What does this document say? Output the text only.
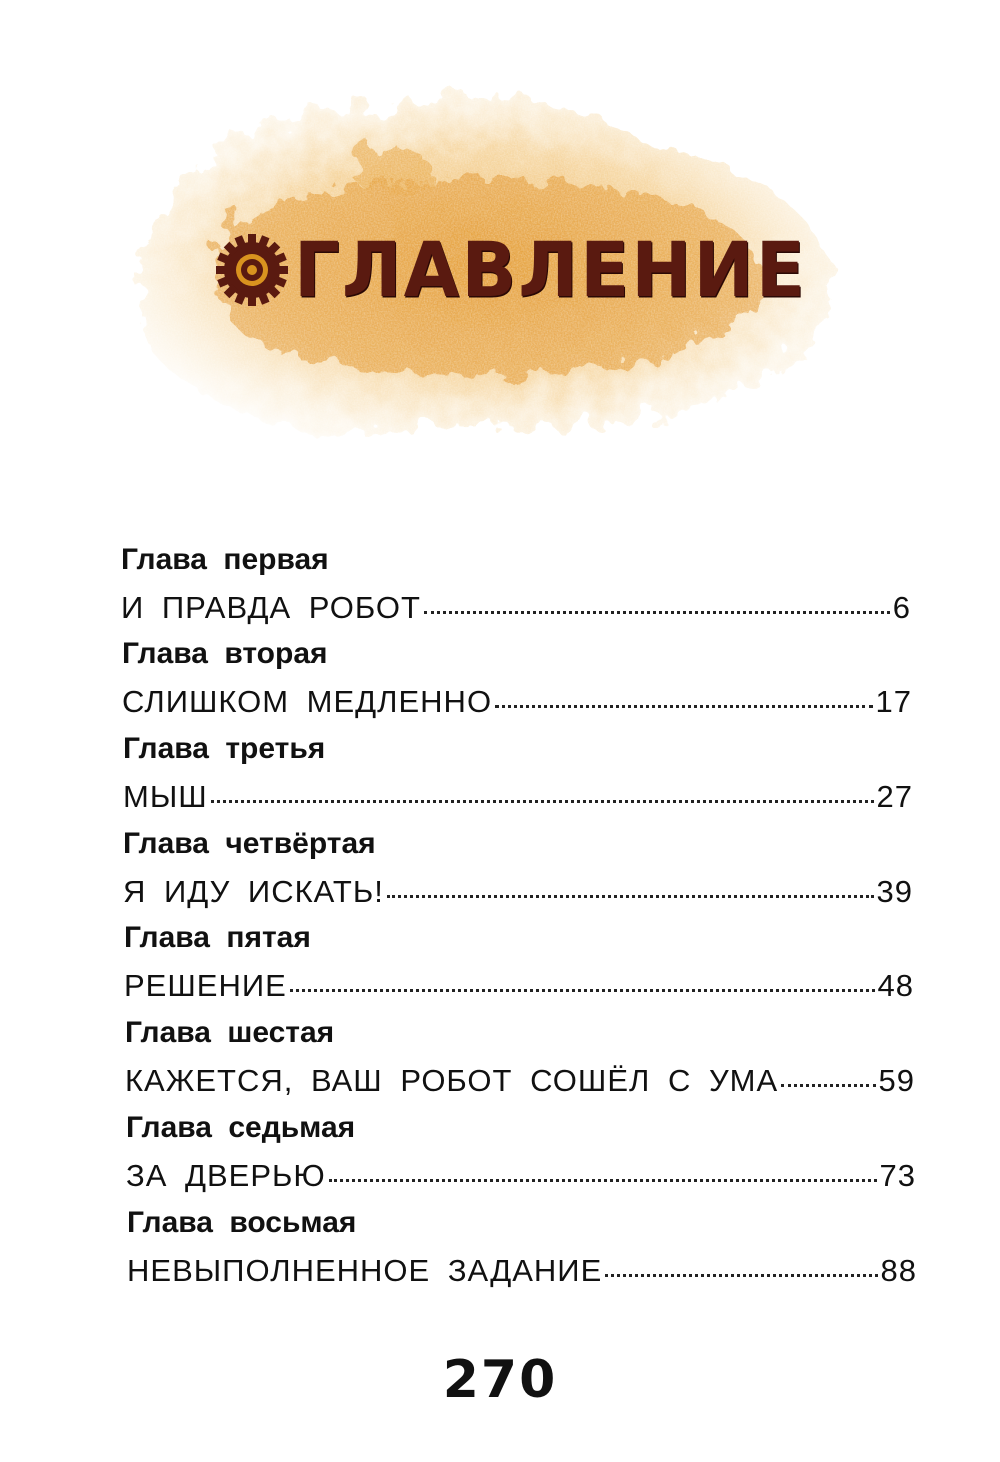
ГЛАВЛЕНИЕ
Глава первая
И ПРАВДА РОБОТ	6
Глава вторая
СЛИШКОМ МЕДЛЕННО	17
Глава третья
МЫШ	27
Глава четвёртая
Я ИДУ ИСКАТЬ!	39
Глава пятая
РЕШЕНИЕ	48
Глава шестая
КАЖЕТСЯ, ВАШ РОБОТ СОШЁЛ С УМА	59
Глава седьмая
ЗА ДВЕРЬЮ	73
Глава восьмая
НЕВЫПОЛНЕННОЕ ЗАДАНИЕ	88
270
